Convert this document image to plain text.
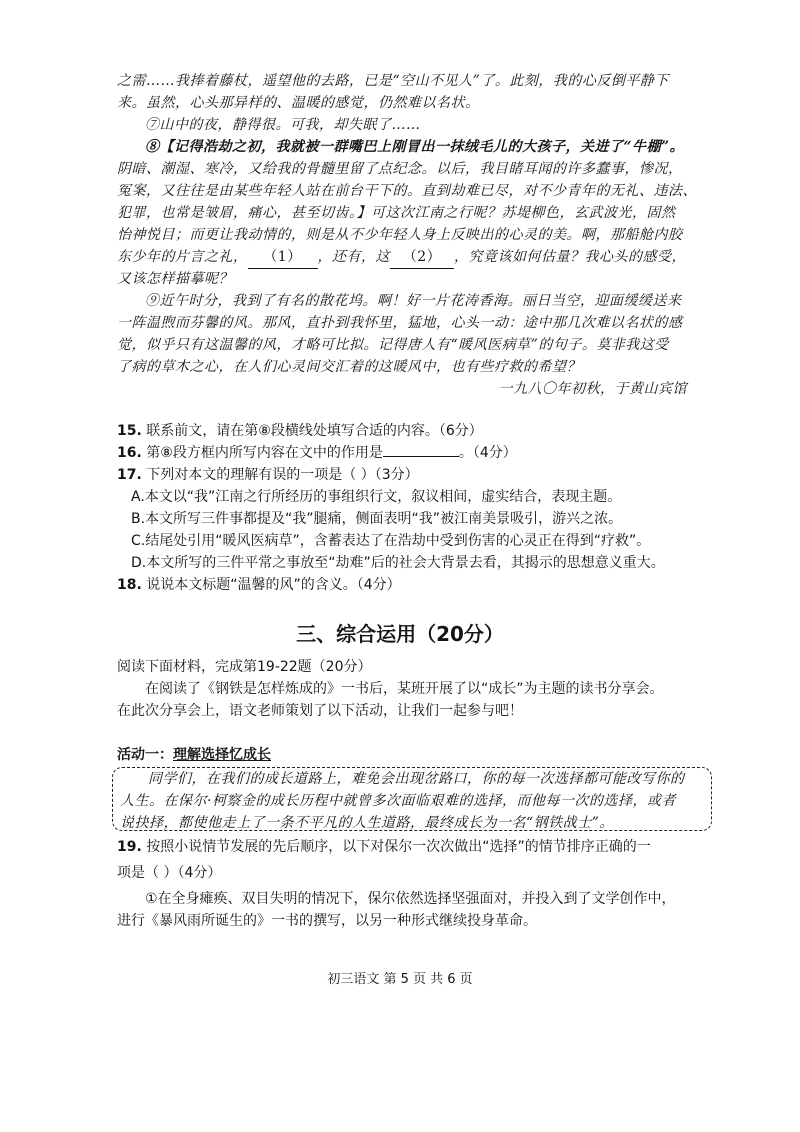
之需……我捧着藤杖，遥望他的去路，已是“空山不见人”了。此刻，我的心反倒平静下
来。虽然，心头那异样的、温暖的感觉，仍然难以名状。
⑦山中的夜，静得很。可我，却失眠了……
⑧【记得浩劫之初，我就被一群嘴巴上刚冒出一抹绒毛儿的大孩子，关进了“牛棚”。
阴暗、潮湿、寒冷，又给我的骨髓里留了点纪念。以后，我目睹耳闻的许多蠢事，惨况，
冤案，又往往是由某些年轻人站在前台干下的。直到劫难已尽，对不少青年的无礼、违法、
犯罪，也常是皱眉，痛心，甚至切齿。】可这次江南之行呢？苏堤柳色，玄武波光，固然
怡神悦目；而更让我动情的，则是从不少年轻人身上反映出的心灵的美。啊，那船舱内胶
东少年的片言之礼， （1） ，还有，这 （2） ，究竟该如何估量？我心头的感受，
又该怎样描摹呢？
⑨近午时分，我到了有名的散花坞。啊！好一片花涛香海。丽日当空，迎面缓缓送来
一阵温煦而芬馨的风。那风，直扑到我怀里，猛地，心头一动：途中那几次难以名状的感
觉，似乎只有这温馨的风，才略可比拟。记得唐人有“暖风医病草”的句子。莫非我这受
了病的草木之心，在人们心灵间交汇着的这暖风中，也有些疗救的希望？
一九八〇年初秋，于黄山宾馆
15. 联系前文，请在第⑧段横线处填写合适的内容。（6分）
16. 第⑧段方框内所写内容在文中的作用是	。（4分）
17. 下列对本文的理解有误的一项是（ ）（3分）
A.本文以“我”江南之行所经历的事组织行文，叙议相间，虚实结合，表现主题。
B.本文所写三件事都提及“我”腿痛，侧面表明“我”被江南美景吸引，游兴之浓。
C.结尾处引用“暖风医病草”，含蓄表达了在浩劫中受到伤害的心灵正在得到“疗救”。
D.本文所写的三件平常之事放至“劫难”后的社会大背景去看，其揭示的思想意义重大。
18. 说说本文标题“温馨的风”的含义。（4分）
三、综合运用（20分）
阅读下面材料，完成第19-22题（20分）
在阅读了《钢铁是怎样炼成的》一书后，某班开展了以“成长”为主题的读书分享会。
在此次分享会上，语文老师策划了以下活动，让我们一起参与吧！
活动一：理解选择忆成长
同学们，在我们的成长道路上，难免会出现岔路口，你的每一次选择都可能改写你的
人生。在保尔·柯察金的成长历程中就曾多次面临艰难的选择，而他每一次的选择，或者
说抉择，都使他走上了一条不平凡的人生道路，最终成长为一名“钢铁战士”。
19. 按照小说情节发展的先后顺序，以下对保尔一次次做出“选择”的情节排序正确的一
项是（ ）（4分）
①在全身瘫痪、双目失明的情况下，保尔依然选择坚强面对，并投入到了文学创作中，
进行《暴风雨所诞生的》一书的撰写，以另一种形式继续投身革命。
初三语文 第 5 页 共 6 页
